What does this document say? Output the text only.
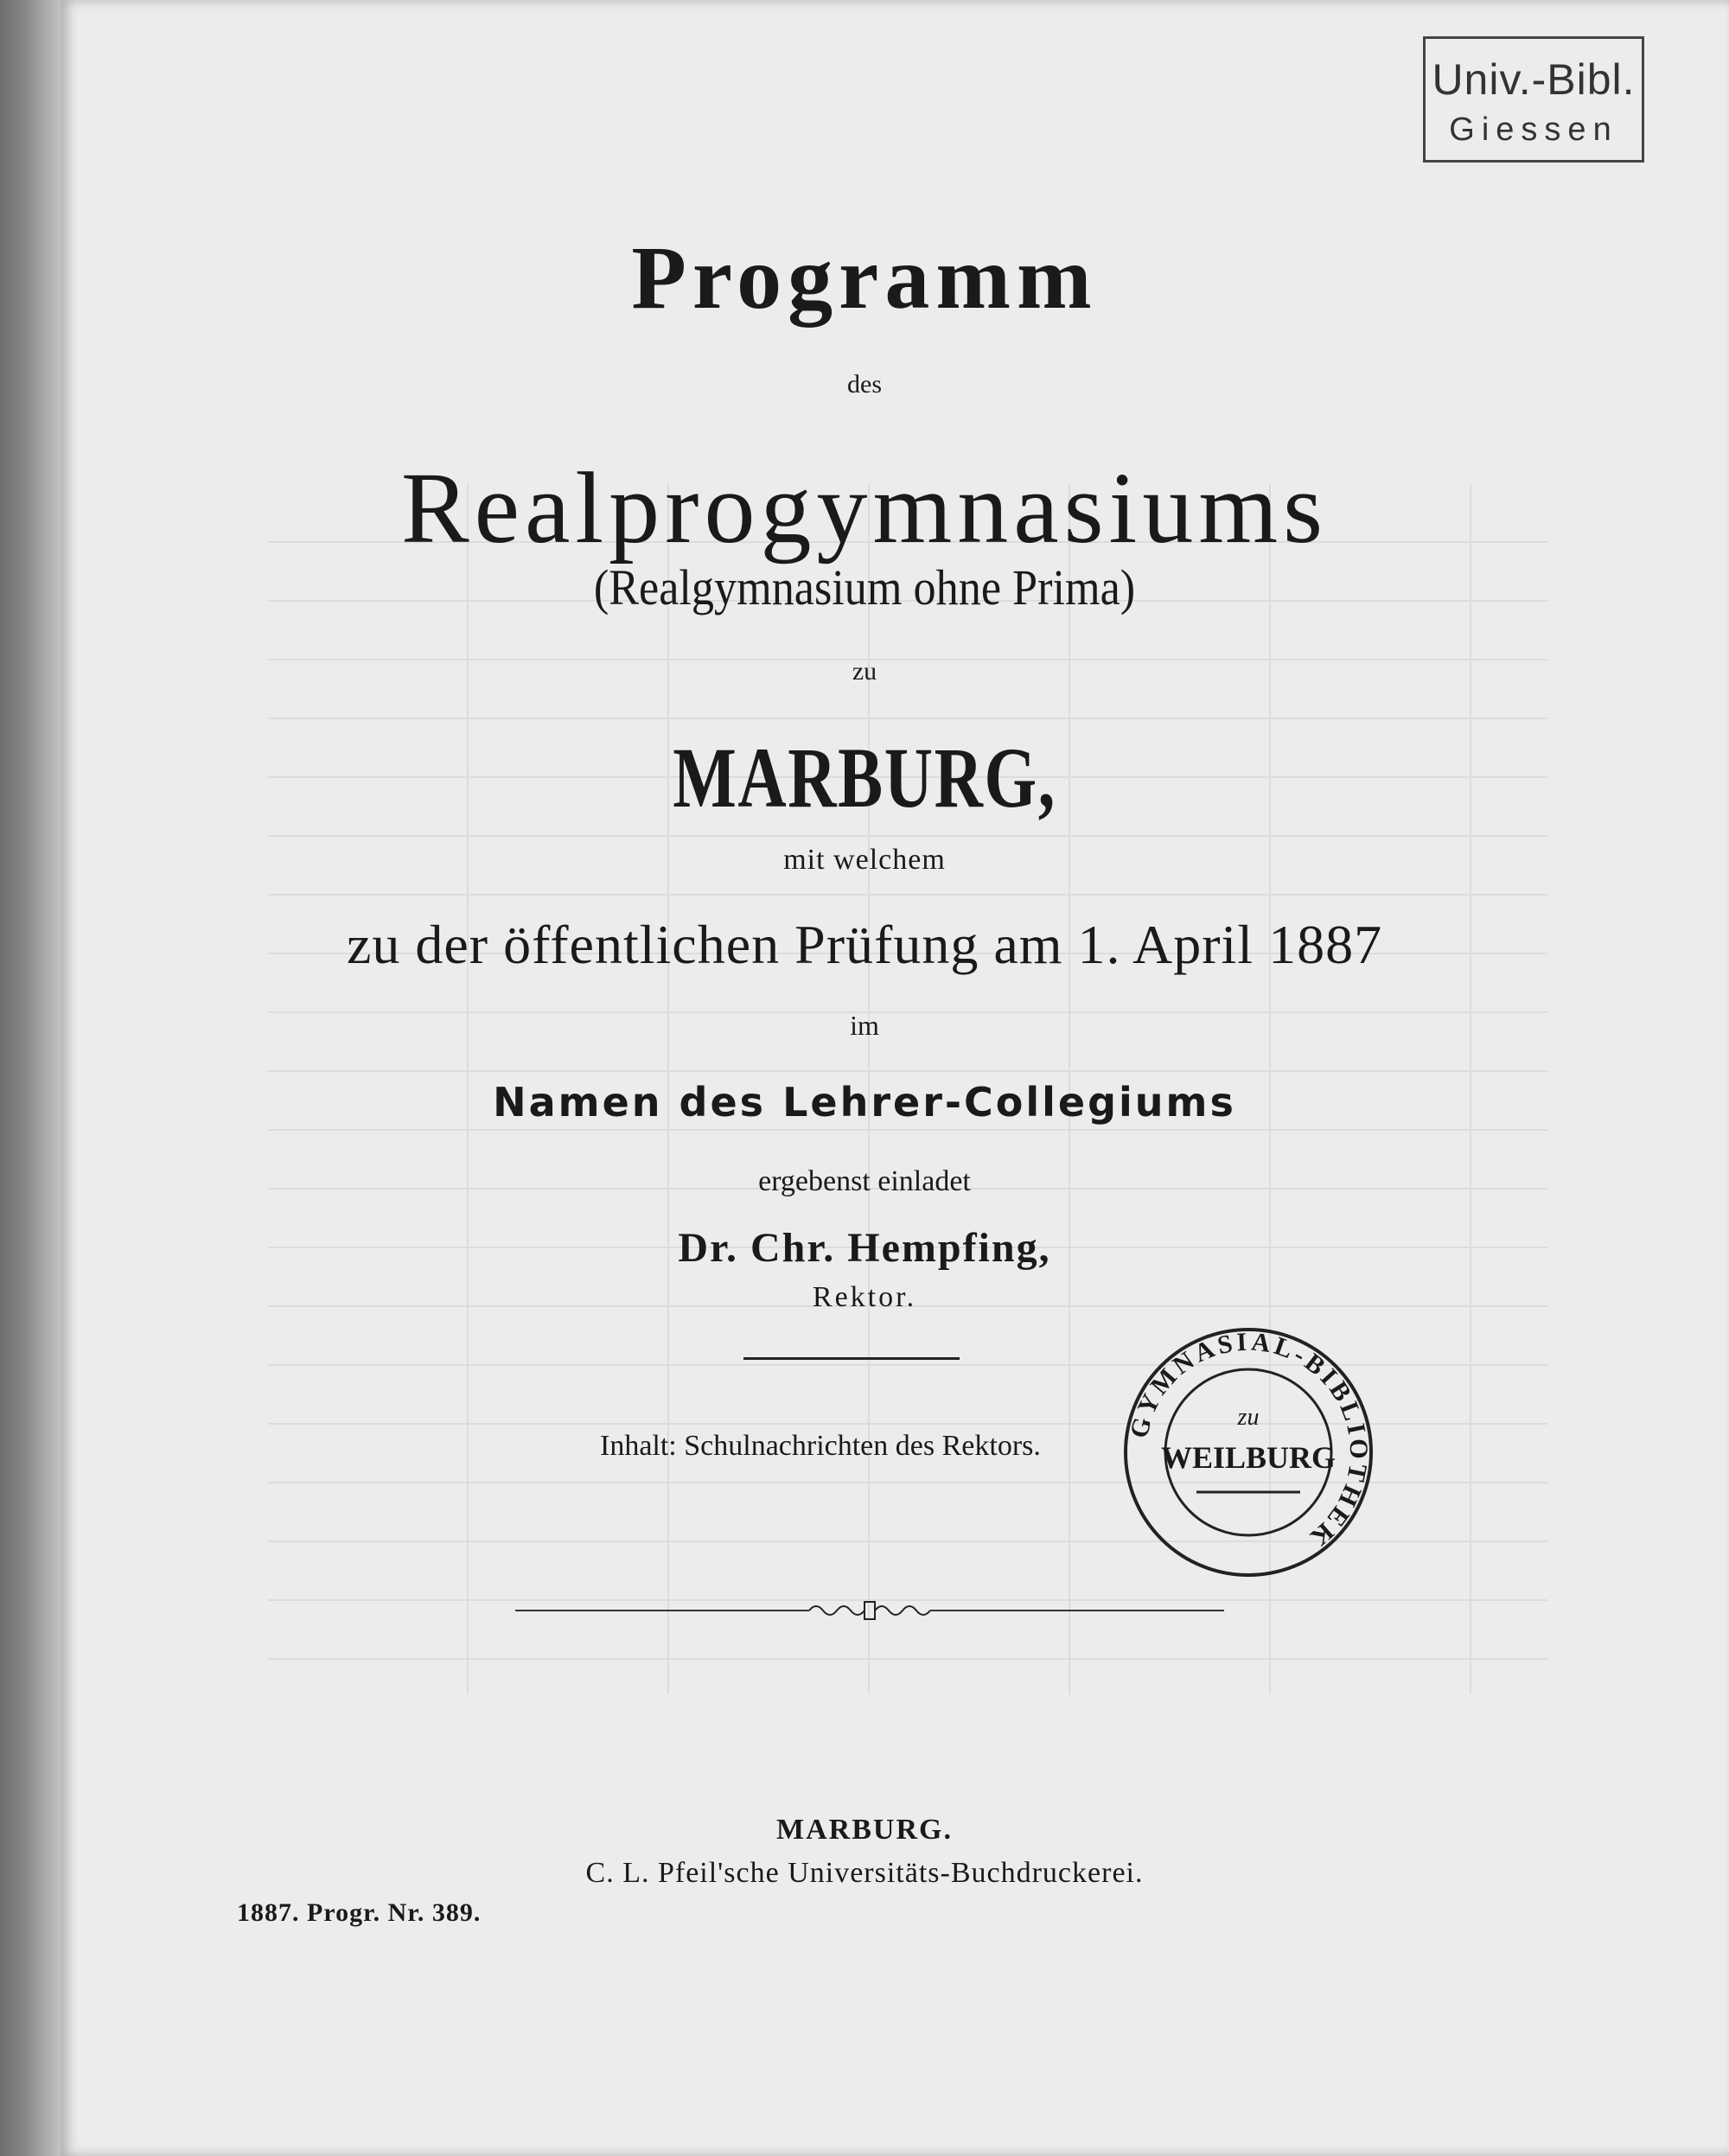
Univ.-Bibl.
Giessen
Programm
des
Realprogymnasiums
(Realgymnasium ohne Prima)
zu
MARBURG,
mit welchem
zu der öffentlichen Prüfung am 1. April 1887
im
Namen des Lehrer-Collegiums
ergebenst einladet
Dr. Chr. Hempfing,
Rektor.
Inhalt: Schulnachrichten des Rektors.
GYMNASIAL-BIBLIOTHEK
zu
WEILBURG
MARBURG.
C. L. Pfeil'sche Universitäts-Buchdruckerei.
1887. Progr. Nr. 389.
